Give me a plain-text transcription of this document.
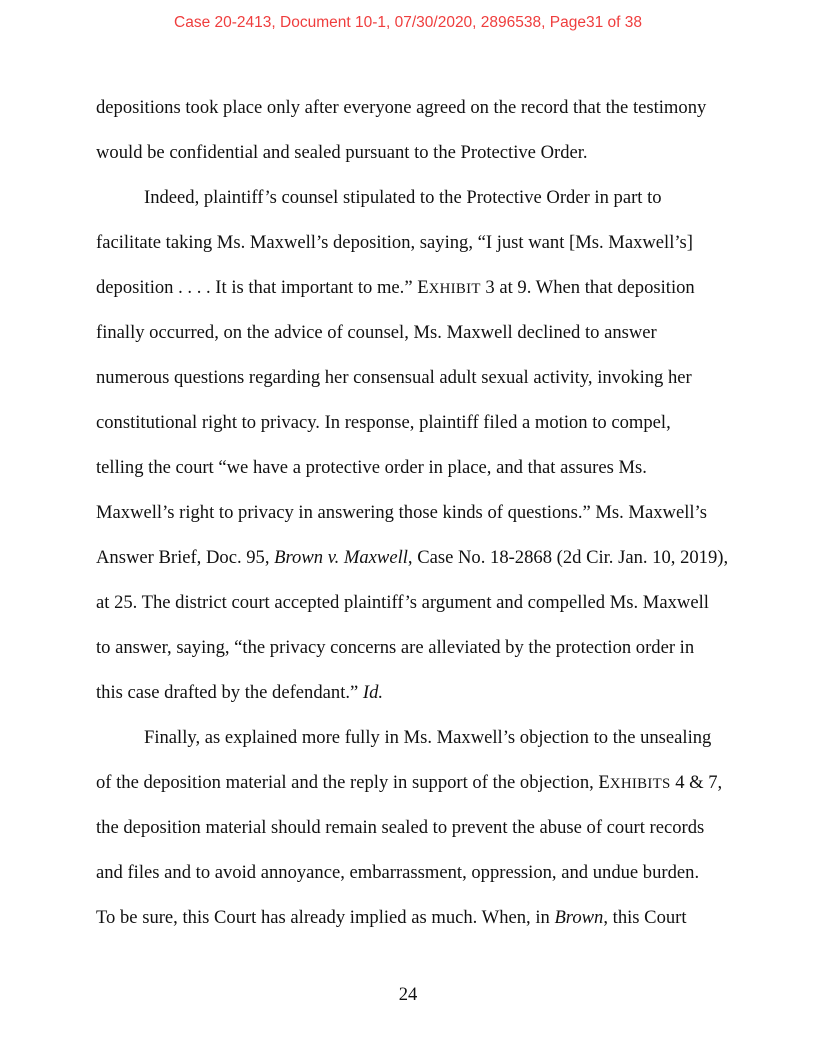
Case 20-2413, Document 10-1, 07/30/2020, 2896538, Page31 of 38
depositions took place only after everyone agreed on the record that the testimony
would be confidential and sealed pursuant to the Protective Order.
Indeed, plaintiff’s counsel stipulated to the Protective Order in part to
facilitate taking Ms. Maxwell’s deposition, saying, “I just want [Ms. Maxwell’s]
deposition . . . . It is that important to me.” EXHIBIT 3 at 9. When that deposition
finally occurred, on the advice of counsel, Ms. Maxwell declined to answer
numerous questions regarding her consensual adult sexual activity, invoking her
constitutional right to privacy. In response, plaintiff filed a motion to compel,
telling the court “we have a protective order in place, and that assures Ms.
Maxwell’s right to privacy in answering those kinds of questions.” Ms. Maxwell’s
Answer Brief, Doc. 95, Brown v. Maxwell, Case No. 18-2868 (2d Cir. Jan. 10, 2019),
at 25. The district court accepted plaintiff’s argument and compelled Ms. Maxwell
to answer, saying, “the privacy concerns are alleviated by the protection order in
this case drafted by the defendant.” Id.
Finally, as explained more fully in Ms. Maxwell’s objection to the unsealing
of the deposition material and the reply in support of the objection, EXHIBITS 4 & 7,
the deposition material should remain sealed to prevent the abuse of court records
and files and to avoid annoyance, embarrassment, oppression, and undue burden.
To be sure, this Court has already implied as much. When, in Brown, this Court
24
